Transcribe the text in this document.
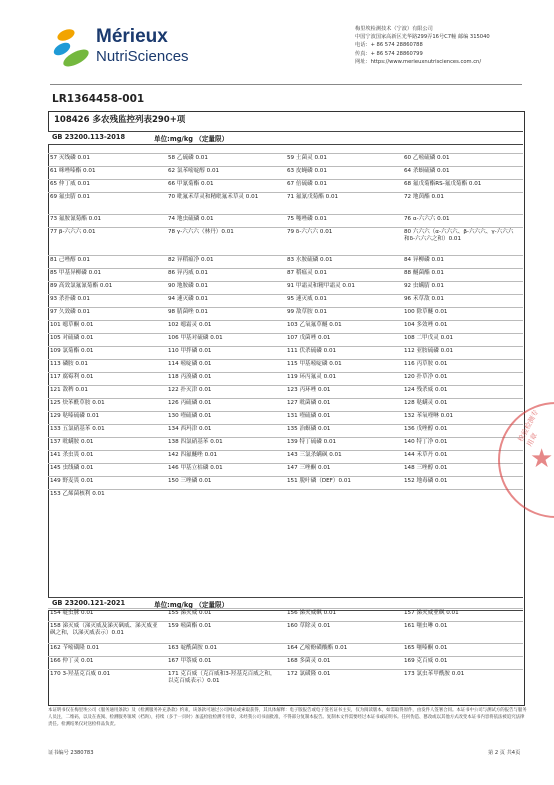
Mérieux
NutriSciences
梅里埃检测技术（宁波）有限公司
中国宁波国家高新区光华路299弄16号C7幢 邮编 315040
电话：+ 86 574 28860788
传真：+ 86 574 28860799
网址：https://www.merieuxnutrisciences.com.cn/
LR1364458-001
108426 多农残监控列表290+项
GB 23200.113-2018	单位:mg/kg （定量限）
57 灭线磷 0.01	58 乙硫磷 0.01	59 土菌灵 0.01	60 乙嘧硫磷 0.01
61 咪唑嗪酯 0.01	62 氯苯嘧啶醇 0.01	63 皮蝇磷 0.01	64 杀螟硫磷 0.01
65 仲丁威 0.01	66 甲氰菊酯 0.01	67 倍硫磷 0.01	68 氟戊菊酯RS-氟戊菊酯 0.01
69 氟虫腈 0.01	70 吡氟禾草灵和精吡氟禾草灵 0.01	71 氟氰戊菊酯 0.01	72 地茵酯 0.01
73 氟胺氰菊酯 0.01	74 地虫硫磷 0.01	75 噻唑磷 0.01	76 α-六六六 0.01
77 β-六六六 0.01	78 γ-六六六（林丹）0.01	79 δ-六六六 0.01	80 六六六（α-六六六、β-六六六、γ-六六六和δ-六六六之和）0.01
81 己唑醇 0.01	82 异稻瘟净 0.01	83 水胺硫磷 0.01	84 异柳磷 0.01
85 甲基异柳磷 0.01	86 异丙威 0.01	87 稻瘟灵 0.01	88 醚菌酯 0.01
89 高效氯氟氰菊酯 0.01	90 地胺磷 0.01	91 甲霜灵和精甲霜灵 0.01	92 虫螨腈 0.01
93 杀扑磷 0.01	94 速灭磷 0.01	95 速灭威 0.01	96 禾草敌 0.01
97 久效磷 0.01	98 腈菌唑 0.01	99 敌草胺 0.01	100 除草醚 0.01
101 噁草酮 0.01	102 噁霜灵 0.01	103 乙氧氟草醚 0.01	104 多效唑 0.01
105 对硫磷 0.01	106 甲基对硫磷 0.01	107 戊菌唑 0.01	108 二甲戊灵 0.01
109 氯菊酯 0.01	110 甲拌磷 0.01	111 伏杀硫磷 0.01	112 亚胺硫磷 0.01
113 磷胺 0.01	114 嘧啶磷 0.01	115 甲基嘧啶磷 0.01	116 丙草胺 0.01
117 腐霉利 0.01	118 丙溴磷 0.01	119 环丙氟灵 0.01	120 扑草净 0.01
121 敌稗 0.01	122 扑灭津 0.01	123 丙环唑 0.01	124 残杀威 0.01
125 炔苯酰草胺 0.01	126 丙硫磷 0.01	127 吡菌磷 0.01	128 哒螨灵 0.01
129 哒嗪硫磷 0.01	130 喹硫磷 0.01	131 喹硫磷 0.01	132 苯氧喹啉 0.01
133 五氯硝基苯 0.01	134 西玛津 0.01	135 治螟磷 0.01	136 戊唑醇 0.01
137 吡螨胺 0.01	138 四氯硝基苯 0.01	139 特丁硫磷 0.01	140 特丁净 0.01
141 杀虫畏 0.01	142 四氟醚唑 0.01	143 三氯杀螨砜 0.01	144 禾草丹 0.01
145 虫线磷 0.01	146 甲基立枯磷 0.01	147 三唑酮 0.01	148 三唑醇 0.01
149 野麦畏 0.01	150 三唑磷 0.01	151 脱叶磷（DEF）0.01	152 地毒磷 0.01
153 乙烯菌核利 0.01
GB 23200.121-2021	单位:mg/kg （定量限）
154 啶虫脒 0.01	155 涕灭威 0.01	156 涕灭威砜 0.01	157 涕灭威亚砜 0.01
158 涕灭威（涕灭威及涕灭砜威、涕灭威亚砜之和，以涕灭威表示）0.01
159 嘧菌酯 0.01	160 草除灵 0.01	161 噻虫啉 0.01
162 苄嘧磺隆 0.01	163 啶酰菌胺 0.01	164 乙嘧酚磺酸酯 0.01	165 噻嗪酮 0.01
166 仲丁灵 0.01	167 甲萘威 0.01	168 多菌灵 0.01	169 克百威 0.01
170 3-羟基克百威 0.01	171 克百威（克百威和3-羟基克百威之和，以克百威表示）0.01
172 氯磺隆 0.01	173 氯虫苯甲酰胺 0.01
检验检测专用章
★
本证明书仅在梅里埃公司《服务通用条款》及《检测服务补充条款》约束，该条款可通过公司网站或索取获得，其具体解释：电子版报告或电子签名证书主实，仅为阅读版本，如需取得原件，由发件人签署合同。本证书中公司与测试方的报告与服务人员注，二维码，以及在查阅、检测服务领域（档询），持续（多于一页时）加盖检验检测专用章，未经我公司书面批准，不得部分复制本报告。复制本文件需要经过本证书或证明书。任何伪造、篡改或以其他方式改变本证书内容将依法被追究法律责任。检测结果仅对送检样品负责。
证书编号 2380783	第 2 页 共4页
